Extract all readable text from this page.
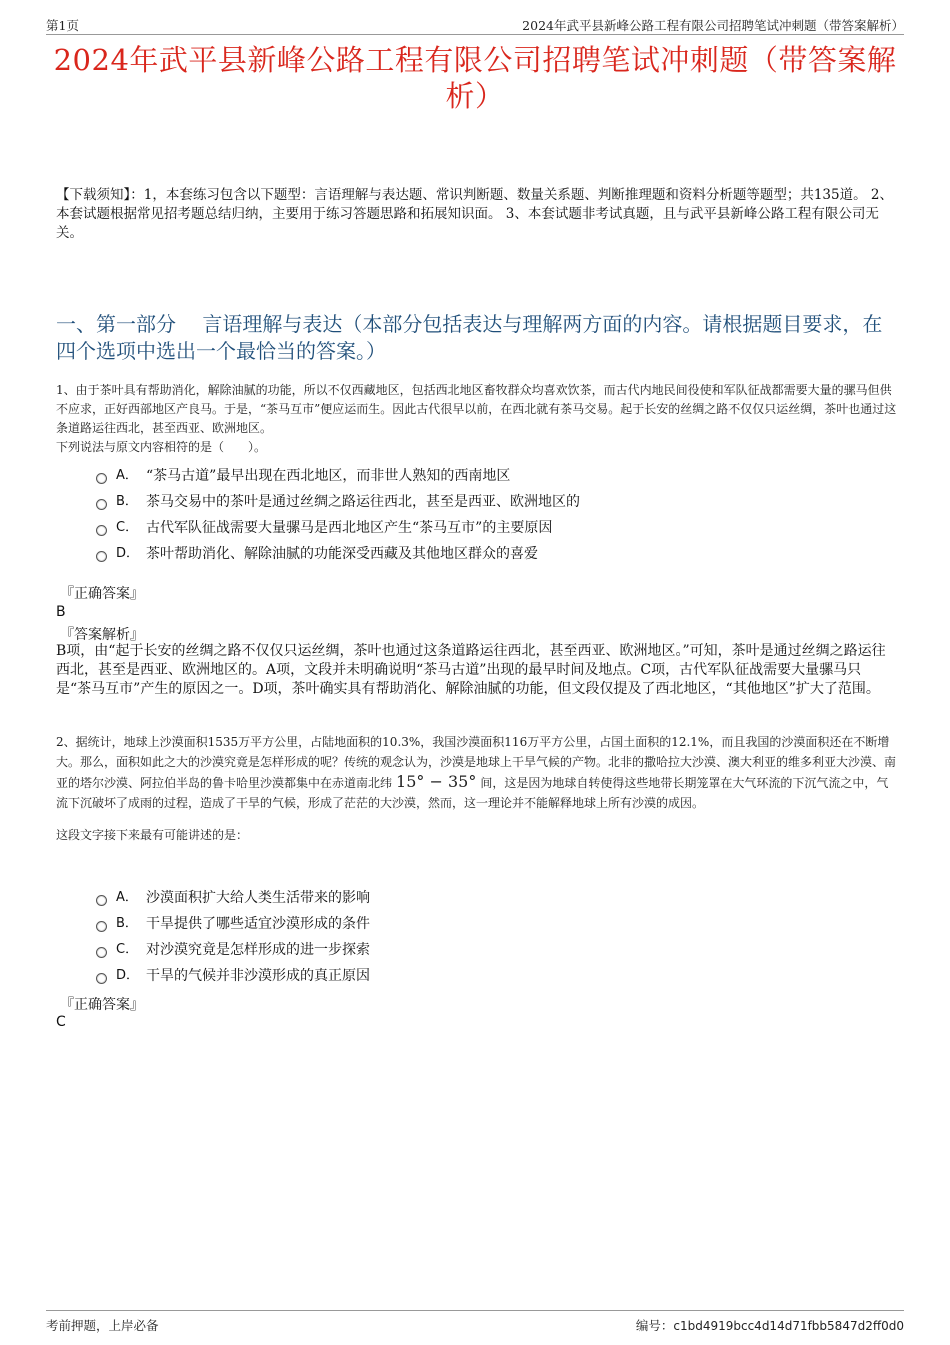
第1页	2024年武平县新峰公路工程有限公司招聘笔试冲刺题（带答案解析）
2024年武平县新峰公路工程有限公司招聘笔试冲刺题（带答案解析）
【下载须知】：1，本套练习包含以下题型：言语理解与表达题、常识判断题、数量关系题、判断推理题和资料分析题等题型；共135道。 2、本套试题根据常见招考题总结归纳，主要用于练习答题思路和拓展知识面。 3、本套试题非考试真题，且与武平县新峰公路工程有限公司无关。
一、第一部分　 言语理解与表达（本部分包括表达与理解两方面的内容。请根据题目要求，在四个选项中选出一个最恰当的答案。）
1、由于茶叶具有帮助消化，解除油腻的功能，所以不仅西藏地区，包括西北地区畜牧群众均喜欢饮茶，而古代内地民间役使和军队征战都需要大量的骡马但供不应求，正好西部地区产良马。于是，“茶马互市”便应运而生。因此古代很早以前，在西北就有茶马交易。起于长安的丝绸之路不仅仅只运丝绸，茶叶也通过这条道路运往西北，甚至西亚、欧洲地区。
下列说法与原文内容相符的是（　　）。
A． “茶马古道”最早出现在西北地区，而非世人熟知的西南地区
B． 茶马交易中的茶叶是通过丝绸之路运往西北，甚至是西亚、欧洲地区的
C． 古代军队征战需要大量骡马是西北地区产生“茶马互市”的主要原因
D． 茶叶帮助消化、解除油腻的功能深受西藏及其他地区群众的喜爱
『正确答案』
B
『答案解析』
B项，由“起于长安的丝绸之路不仅仅只运丝绸，茶叶也通过这条道路运往西北，甚至西亚、欧洲地区。”可知，茶叶是通过丝绸之路运往西北，甚至是西亚、欧洲地区的。A项，文段并未明确说明“茶马古道”出现的最早时间及地点。C项，古代军队征战需要大量骡马只是“茶马互市”产生的原因之一。D项，茶叶确实具有帮助消化、解除油腻的功能，但文段仅提及了西北地区，“其他地区”扩大了范围。
2、据统计，地球上沙漠面积1535万平方公里，占陆地面积的10.3%，我国沙漠面积116万平方公里，占国土面积的12.1%，而且我国的沙漠面积还在不断增大。那么，面积如此之大的沙漠究竟是怎样形成的呢？传统的观念认为，沙漠是地球上干旱气候的产物。北非的撒哈拉大沙漠、澳大利亚的维多利亚大沙漠、南亚的塔尔沙漠、阿拉伯半岛的鲁卡哈里沙漠都集中在赤道南北纬 15° − 35° 间，这是因为地球自转使得这些地带长期笼罩在大气环流的下沉气流之中，气流下沉破坏了成雨的过程，造成了干旱的气候，形成了茫茫的大沙漠，然而，这一理论并不能解释地球上所有沙漠的成因。
这段文字接下来最有可能讲述的是：
A． 沙漠面积扩大给人类生活带来的影响
B． 干旱提供了哪些适宜沙漠形成的条件
C． 对沙漠究竟是怎样形成的进一步探索
D． 干旱的气候并非沙漠形成的真正原因
『正确答案』
C
考前押题，上岸必备	编号：c1bd4919bcc4d14d71fbb5847d2ff0d0
